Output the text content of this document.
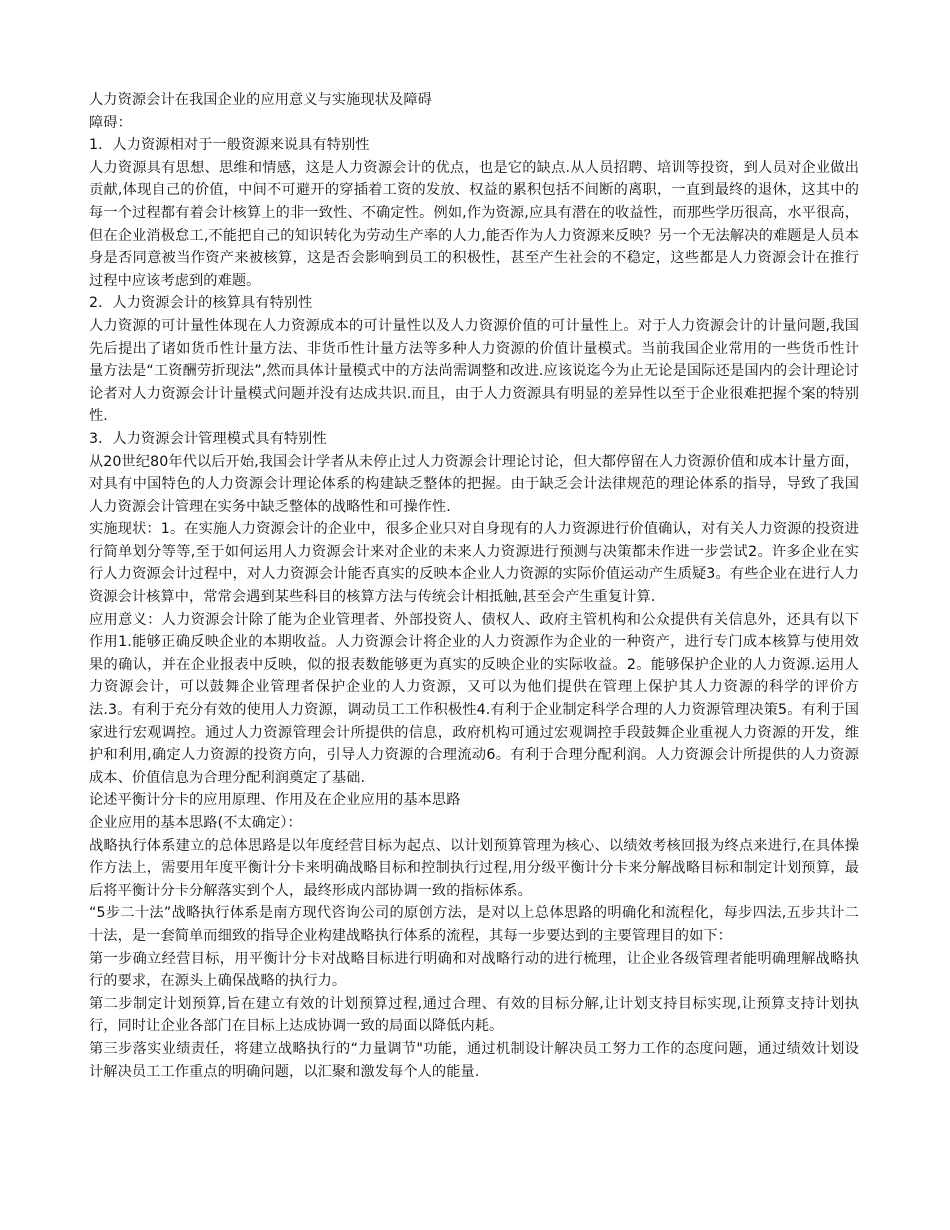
人力资源会计在我国企业的应用意义与实施现状及障碍

障碍：

1．人力资源相对于一般资源来说具有特别性

人力资源具有思想、思维和情感，这是人力资源会计的优点，也是它的缺点.从人员招聘、培训等投资，到人员对企业做出贡献,体现自己的价值，中间不可避开的穿插着工资的发放、权益的累积包括不间断的离职，一直到最终的退休，这其中的每一个过程都有着会计核算上的非一致性、不确定性。例如,作为资源,应具有潜在的收益性，而那些学历很高，水平很高，但在企业消极怠工,不能把自己的知识转化为劳动生产率的人力,能否作为人力资源来反映？另一个无法解决的难题是人员本身是否同意被当作资产来被核算，这是否会影响到员工的积极性，甚至产生社会的不稳定，这些都是人力资源会计在推行过程中应该考虑到的难题。

2．人力资源会计的核算具有特别性

人力资源的可计量性体现在人力资源成本的可计量性以及人力资源价值的可计量性上。对于人力资源会计的计量问题,我国先后提出了诸如货币性计量方法、非货币性计量方法等多种人力资源的价值计量模式。当前我国企业常用的一些货币性计量方法是“工资酬劳折现法”,然而具体计量模式中的方法尚需调整和改进.应该说迄今为止无论是国际还是国内的会计理论讨论者对人力资源会计计量模式问题并没有达成共识.而且，由于人力资源具有明显的差异性以至于企业很难把握个案的特别性.

3．人力资源会计管理模式具有特别性

从20世纪80年代以后开始,我国会计学者从未停止过人力资源会计理论讨论，但大都停留在人力资源价值和成本计量方面，对具有中国特色的人力资源会计理论体系的构建缺乏整体的把握。由于缺乏会计法律规范的理论体系的指导，导致了我国人力资源会计管理在实务中缺乏整体的战略性和可操作性.

实施现状：1。在实施人力资源会计的企业中，很多企业只对自身现有的人力资源进行价值确认，对有关人力资源的投资进行简单划分等等,至于如何运用人力资源会计来对企业的未来人力资源进行预测与决策都未作进一步尝试2。许多企业在实行人力资源会计过程中，对人力资源会计能否真实的反映本企业人力资源的实际价值运动产生质疑3。有些企业在进行人力资源会计核算中，常常会遇到某些科目的核算方法与传统会计相抵触,甚至会产生重复计算.

应用意义：人力资源会计除了能为企业管理者、外部投资人、债权人、政府主管机构和公众提供有关信息外，还具有以下作用1.能够正确反映企业的本期收益。人力资源会计将企业的人力资源作为企业的一种资产，进行专门成本核算与使用效果的确认，并在企业报表中反映，似的报表数能够更为真实的反映企业的实际收益。2。能够保护企业的人力资源.运用人力资源会计，可以鼓舞企业管理者保护企业的人力资源，又可以为他们提供在管理上保护其人力资源的科学的评价方法.3。有利于充分有效的使用人力资源，调动员工工作积极性4.有利于企业制定科学合理的人力资源管理决策5。有利于国家进行宏观调控。通过人力资源管理会计所提供的信息，政府机构可通过宏观调控手段鼓舞企业重视人力资源的开发，维护和利用,确定人力资源的投资方向，引导人力资源的合理流动6。有利于合理分配利润。人力资源会计所提供的人力资源成本、价值信息为合理分配利润奠定了基础.

论述平衡计分卡的应用原理、作用及在企业应用的基本思路

企业应用的基本思路(不太确定）：

战略执行体系建立的总体思路是以年度经营目标为起点、以计划预算管理为核心、以绩效考核回报为终点来进行,在具体操作方法上，需要用年度平衡计分卡来明确战略目标和控制执行过程,用分级平衡计分卡来分解战略目标和制定计划预算，最后将平衡计分卡分解落实到个人，最终形成内部协调一致的指标体系。

“5步二十法”战略执行体系是南方现代咨询公司的原创方法，是对以上总体思路的明确化和流程化，每步四法,五步共计二十法，是一套简单而细致的指导企业构建战略执行体系的流程，其每一步要达到的主要管理目的如下：

第一步确立经营目标，用平衡计分卡对战略目标进行明确和对战略行动的进行梳理，让企业各级管理者能明确理解战略执行的要求，在源头上确保战略的执行力。

第二步制定计划预算,旨在建立有效的计划预算过程,通过合理、有效的目标分解,让计划支持目标实现,让预算支持计划执行，同时让企业各部门在目标上达成协调一致的局面以降低内耗。

第三步落实业绩责任，将建立战略执行的“力量调节"功能，通过机制设计解决员工努力工作的态度问题，通过绩效计划设计解决员工工作重点的明确问题，以汇聚和激发每个人的能量.
